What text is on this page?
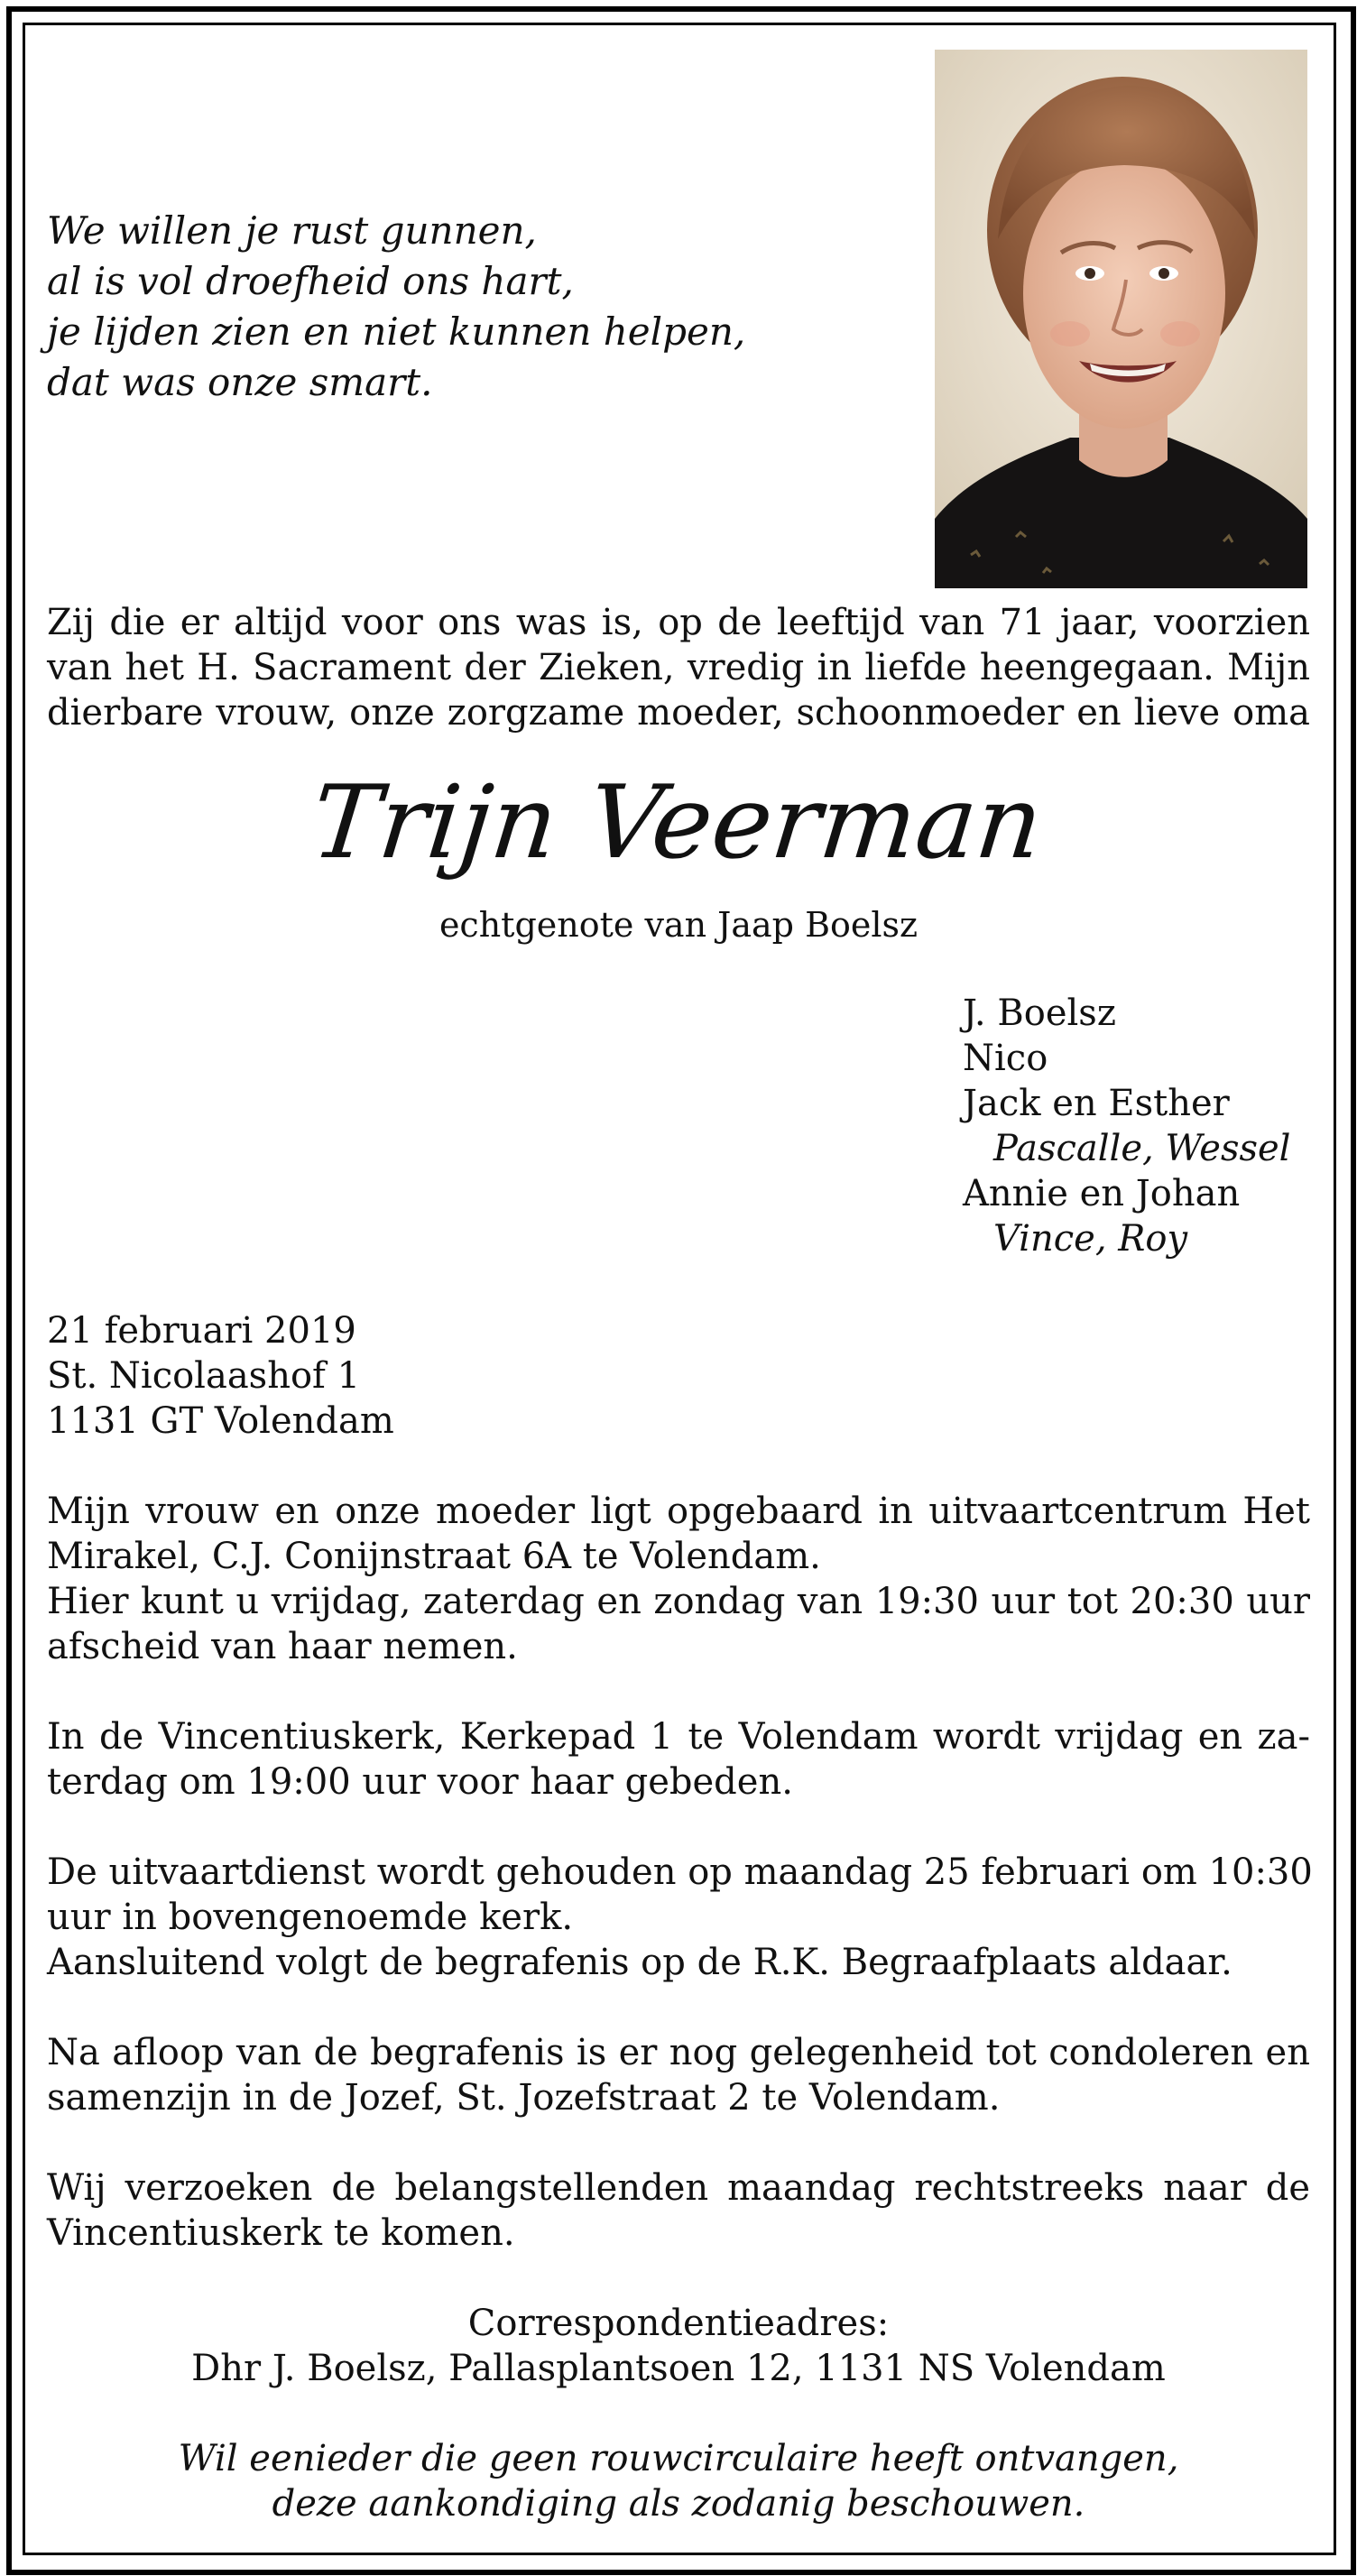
We willen je rust gunnen,
al is vol droefheid ons hart,
je lijden zien en niet kunnen helpen,
dat was onze smart.
Zij die er altijd voor ons was is, op de leeftijd van 71 jaar, voorzien
van het H. Sacrament der Zieken, vredig in liefde heengegaan. Mijn
dierbare vrouw, onze zorgzame moeder, schoonmoeder en lieve oma
Trijn Veerman
echtgenote van Jaap Boelsz
J. Boelsz
Nico
Jack en Esther
Pascalle, Wessel
Annie en Johan
Vince, Roy
21 februari 2019
St. Nicolaashof 1
1131 GT Volendam
Mijn vrouw en onze moeder ligt opgebaard in uitvaartcentrum Het
Mirakel, C.J. Conijnstraat 6A te Volendam.
Hier kunt u vrijdag, zaterdag en zondag van 19:30 uur tot 20:30 uur
afscheid van haar nemen.
In de Vincentiuskerk, Kerkepad 1 te Volendam wordt vrijdag en za-
terdag om 19:00 uur voor haar gebeden.
De uitvaartdienst wordt gehouden op maandag 25 februari om 10:30
uur in bovengenoemde kerk.
Aansluitend volgt de begrafenis op de R.K. Begraafplaats aldaar.
Na afloop van de begrafenis is er nog gelegenheid tot condoleren en
samenzijn in de Jozef, St. Jozefstraat 2 te Volendam.
Wij verzoeken de belangstellenden maandag rechtstreeks naar de
Vincentiuskerk te komen.
Correspondentieadres:
Dhr J. Boelsz, Pallasplantsoen 12, 1131 NS Volendam
Wil eenieder die geen rouwcirculaire heeft ontvangen,
deze aankondiging als zodanig beschouwen.
